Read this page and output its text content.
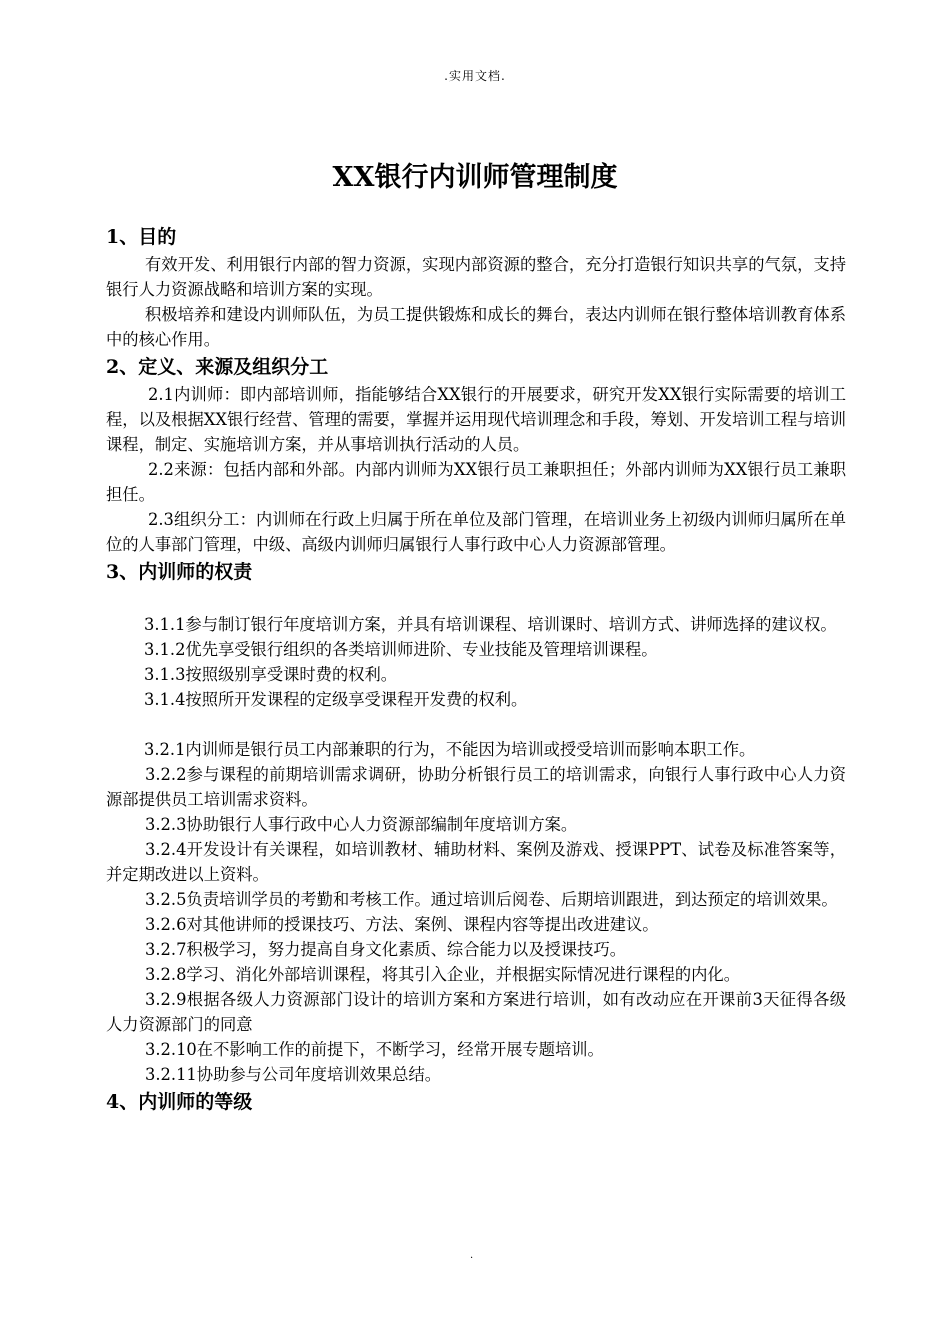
.实用文档.
XX银行内训师管理制度
1、目的

有效开发、利用银行内部的智力资源，实现内部资源的整合，充分打造银行知识共享的气氛，支持银行人力资源战略和培训方案的实现。

积极培养和建设内训师队伍，为员工提供锻炼和成长的舞台，表达内训师在银行整体培训教育体系中的核心作用。

2、定义、来源及组织分工

2.1内训师：即内部培训师，指能够结合XX银行的开展要求，研究开发XX银行实际需要的培训工程，以及根据XX银行经营、管理的需要，掌握并运用现代培训理念和手段，筹划、开发培训工程与培训课程，制定、实施培训方案，并从事培训执行活动的人员。

2.2来源：包括内部和外部。内部内训师为XX银行员工兼职担任；外部内训师为XX银行员工兼职担任。

2.3组织分工：内训师在行政上归属于所在单位及部门管理，在培训业务上初级内训师归属所在单位的人事部门管理，中级、高级内训师归属银行人事行政中心人力资源部管理。

3、内训师的权责

3.1.1参与制订银行年度培训方案，并具有培训课程、培训课时、培训方式、讲师选择的建议权。

3.1.2优先享受银行组织的各类培训师进阶、专业技能及管理培训课程。

3.1.3按照级别享受课时费的权利。

3.1.4按照所开发课程的定级享受课程开发费的权利。

3.2.1内训师是银行员工内部兼职的行为，不能因为培训或授受培训而影响本职工作。

3.2.2参与课程的前期培训需求调研，协助分析银行员工的培训需求，向银行人事行政中心人力资源部提供员工培训需求资料。

3.2.3协助银行人事行政中心人力资源部编制年度培训方案。

3.2.4开发设计有关课程，如培训教材、辅助材料、案例及游戏、授课PPT、试卷及标准答案等，并定期改进以上资料。

3.2.5负责培训学员的考勤和考核工作。通过培训后阅卷、后期培训跟进，到达预定的培训效果。

3.2.6对其他讲师的授课技巧、方法、案例、课程内容等提出改进建议。

3.2.7积极学习，努力提高自身文化素质、综合能力以及授课技巧。

3.2.8学习、消化外部培训课程，将其引入企业，并根据实际情况进行课程的内化。

3.2.9根据各级人力资源部门设计的培训方案和方案进行培训，如有改动应在开课前3天征得各级人力资源部门的同意

3.2.10在不影响工作的前提下，不断学习，经常开展专题培训。

3.2.11协助参与公司年度培训效果总结。

4、内训师的等级
.
